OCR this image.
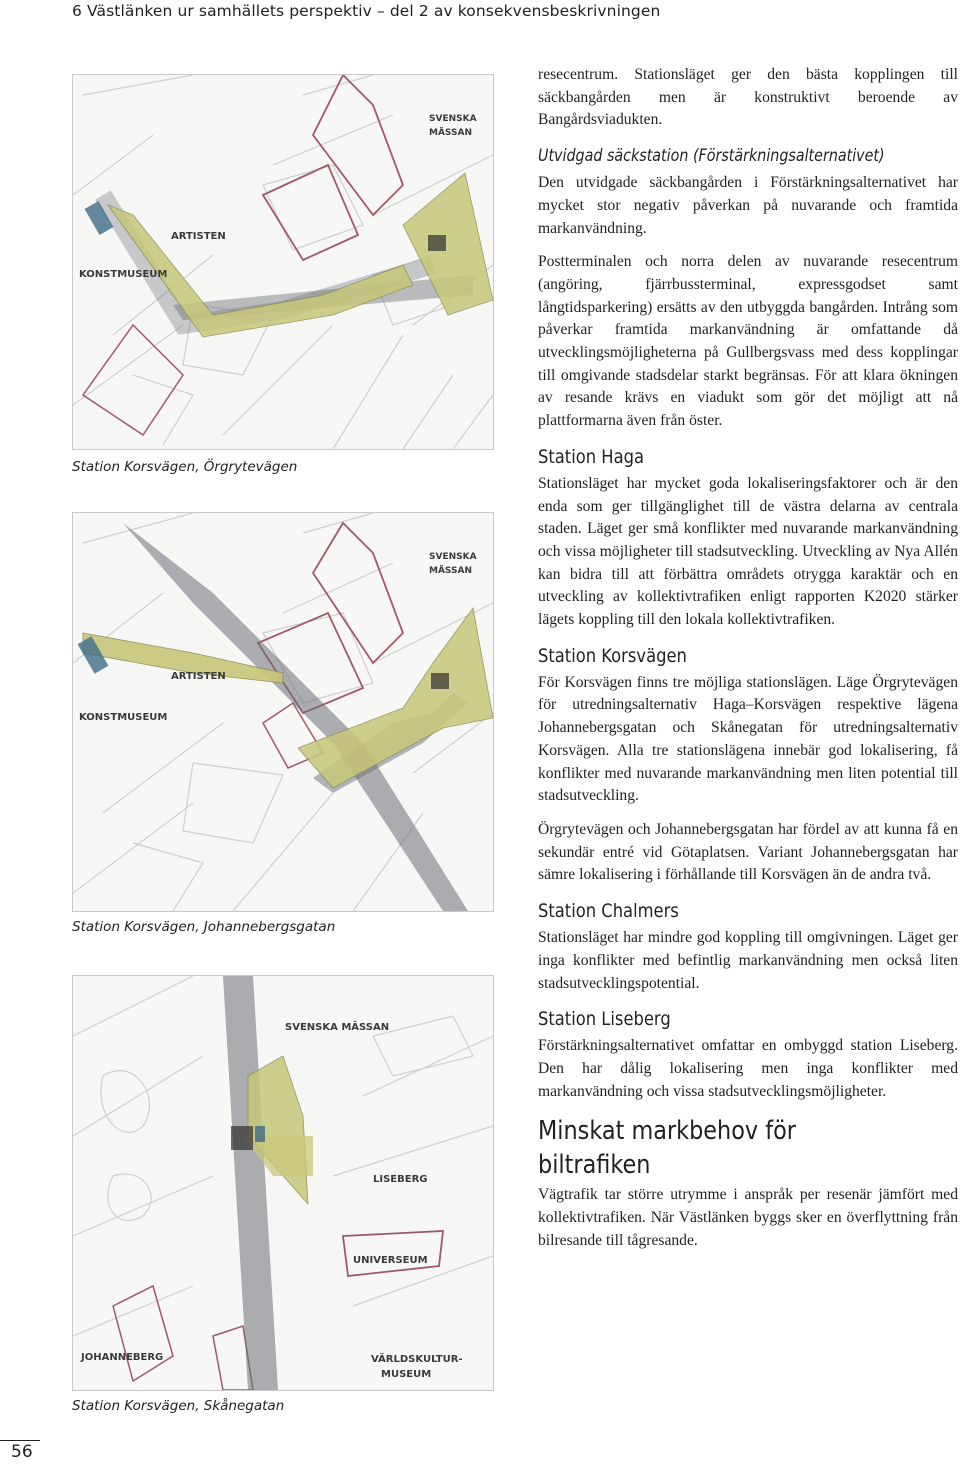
6 Västlänken ur samhällets perspektiv – del 2 av konsekvensbeskrivningen
SVENSKA
MÄSSAN
ARTISTEN
KONSTMUSEUM
Station Korsvägen, Örgrytevägen
SVENSKA
MÄSSAN
ARTISTEN
KONSTMUSEUM
Station Korsvägen, Johannebergsgatan
SVENSKA MÄSSAN
LISEBERG
UNIVERSEUM
JOHANNEBERG	VÄRLDSKULTUR-
MUSEUM
Station Korsvägen, Skånegatan

resecentrum. Stationsläget ger den bästa kopplingen till säckbangården men är konstruktivt beroende av Bangårdsviadukten.

Utvidgad säckstation (Förstärkningsalternativet)

Den utvidgade säckbangården i Förstärkningsalternativet har mycket stor negativ påverkan på nuvarande och framtida markanvändning.

Postterminalen och norra delen av nuvarande resecentrum (angöring, fjärrbussterminal, expressgodset samt långtidsparkering) ersätts av den utbyggda bangården. Intrång som påverkar framtida markanvändning är omfattande då utvecklingsmöjligheterna på Gullbergsvass med dess kopplingar till omgivande stadsdelar starkt begränsas. För att klara ökningen av resande krävs en viadukt som gör det möjligt att nå plattformarna även från öster.

Station Haga

Stationsläget har mycket goda lokaliseringsfaktorer och är den enda som ger tillgänglighet till de västra delarna av centrala staden. Läget ger små konflikter med nuvarande markanvändning och vissa möjligheter till stadsutveckling. Utveckling av Nya Allén kan bidra till att förbättra områdets otrygga karaktär och en utveckling av kollektivtrafiken enligt rapporten K2020 stärker lägets koppling till den lokala kollektivtrafiken.

Station Korsvägen

För Korsvägen finns tre möjliga stationslägen. Läge Örgrytevägen för utredningsalternativ Haga–Korsvägen respektive lägena Johannebergsgatan och Skånegatan för utredningsalternativ Korsvägen. Alla tre stationslägena innebär god lokalisering, få konflikter med nuvarande markanvändning men liten potential till stadsutveckling.

Örgrytevägen och Johannebergsgatan har fördel av att kunna få en sekundär entré vid Götaplatsen. Variant Johannebergsgatan har sämre lokalisering i förhållande till Korsvägen än de andra två.

Station Chalmers

Stationsläget har mindre god koppling till omgivningen. Läget ger inga konflikter med befintlig markanvändning men också liten stadsutvecklingspotential.

Station Liseberg

Förstärkningsalternativet omfattar en ombyggd station Liseberg. Den har dålig lokalisering men inga konflikter med markanvändning och vissa stadsutvecklingsmöjligheter.

Minskat markbehov för biltrafiken

Vägtrafik tar större utrymme i anspråk per resenär jämfört med kollektivtrafiken. När Västlänken byggs sker en överflyttning från bilresande till tågresande.

56
